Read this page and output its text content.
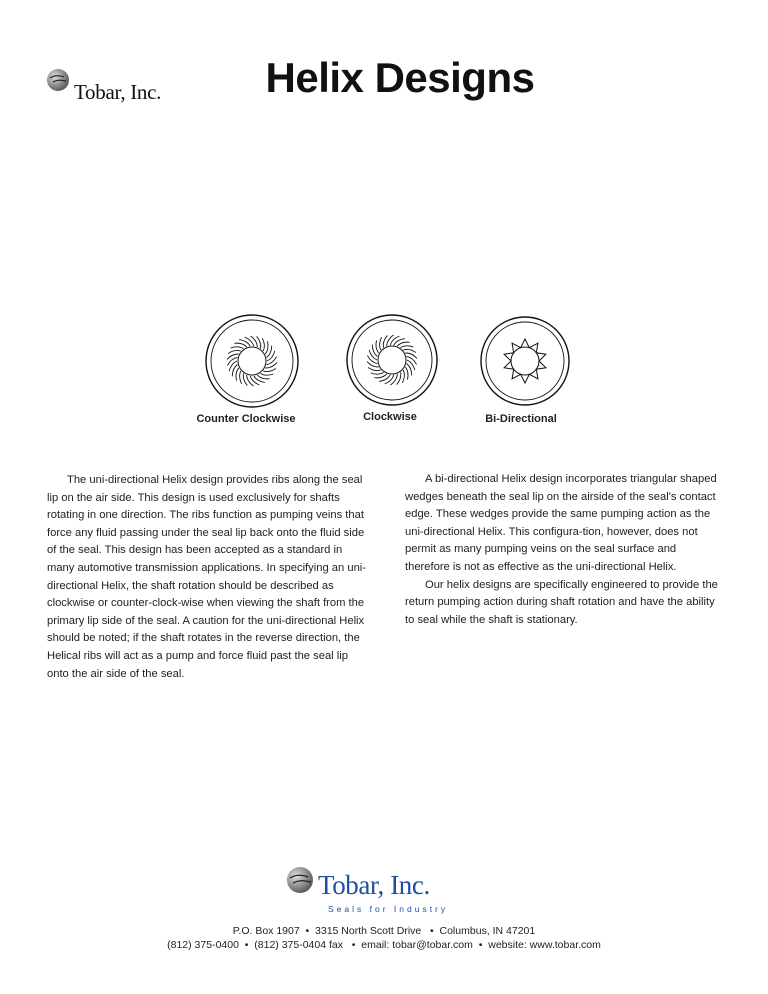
Tobar, Inc.	Helix Designs
Counter Clockwise	Clockwise	Bi-Directional

The uni-directional Helix design provides ribs along the seal lip on the air side. This design is used exclusively for shafts rotating in one direction. The ribs function as pumping veins that force any fluid passing under the seal lip back onto the fluid side of the seal. This design has been accepted as a standard in many automotive transmission applications. In specifying an uni-directional Helix, the shaft rotation should be described as clockwise or counter-clock-wise when viewing the shaft from the primary lip side of the seal. A caution for the uni-directional Helix should be noted; if the shaft rotates in the reverse direction, the Helical ribs will act as a pump and force fluid past the seal lip onto the air side of the seal.

A bi-directional Helix design incorporates triangular shaped wedges beneath the seal lip on the airside of the seal's contact edge. These wedges provide the same pumping action as the uni-directional Helix. This configura-tion, however, does not permit as many pumping veins on the seal surface and therefore is not as effective as the uni-directional Helix.

Our helix designs are specifically engineered to provide the return pumping action during shaft rotation and have the ability to seal while the shaft is stationary.

Tobar, Inc.
Seals for Industry
P.O. Box 1907  •  3315 North Scott Drive   •  Columbus, IN 47201
(812) 375-0400  •  (812) 375-0404 fax   •  email: tobar@tobar.com  •  website: www.tobar.com
